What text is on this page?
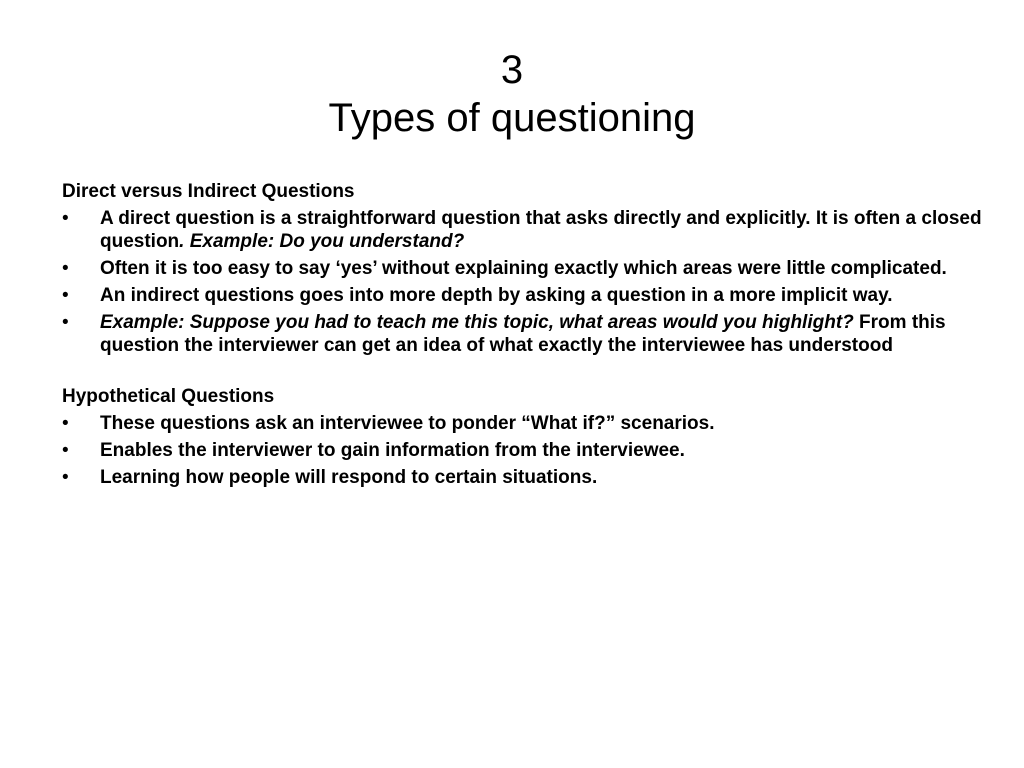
3
Types of questioning

Direct versus Indirect Questions

•	A direct question is a straightforward question that asks directly and explicitly. It is often a closed question. Example: Do you understand?
•	Often it is too easy to say ‘yes’ without explaining exactly which areas were little complicated.
•	An indirect questions goes into more depth by asking a question in a more implicit way.
•	Example: Suppose you had to teach me this topic, what areas would you highlight? From this question the interviewer can get an idea of what exactly the interviewee has understood

Hypothetical Questions

•	These questions ask an interviewee to ponder “What if?” scenarios.
•	Enables the interviewer to gain information from the interviewee.
•	Learning how people will respond to certain situations.
